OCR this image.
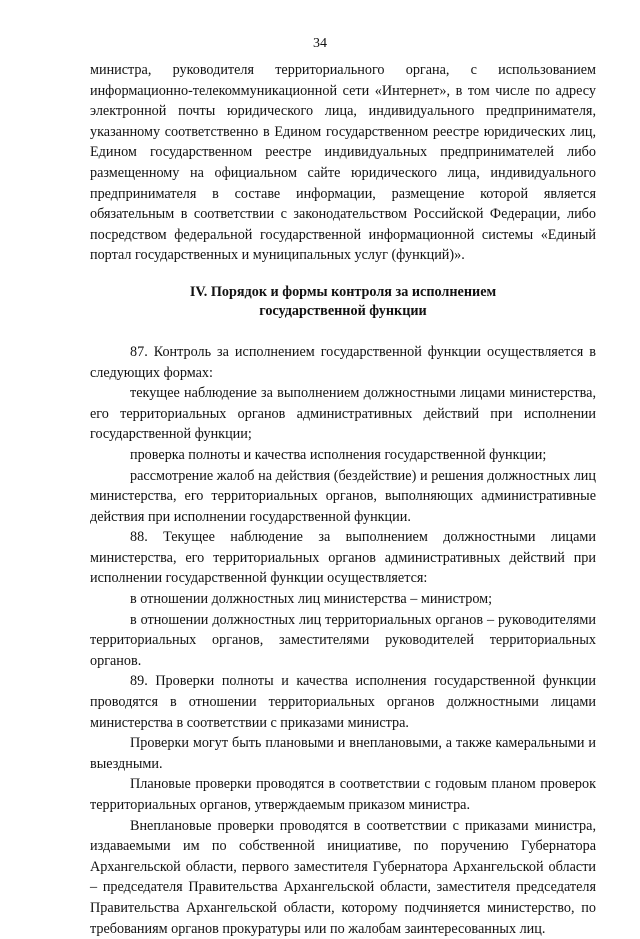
34

министра, руководителя территориального органа, с использованием информационно-телекоммуникационной сети «Интернет», в том числе по адресу электронной почты юридического лица, индивидуального предпринимателя, указанному соответственно в Едином государственном реестре юридических лиц, Едином государственном реестре индивидуальных предпринимателей либо размещенному на официальном сайте юридического лица, индивидуального предпринимателя в составе информации, размещение которой является обязательным в соответствии с законодательством Российской Федерации, либо посредством федеральной государственной информационной системы «Единый портал государственных и муниципальных услуг (функций)».

IV. Порядок и формы контроля за исполнением
государственной функции

87. Контроль за исполнением государственной функции осуществляется в следующих формах:

текущее наблюдение за выполнением должностными лицами министерства, его территориальных органов административных действий при исполнении государственной функции;

проверка полноты и качества исполнения государственной функции;

рассмотрение жалоб на действия (бездействие) и решения должностных лиц министерства, его территориальных органов, выполняющих административные действия при исполнении государственной функции.

88. Текущее наблюдение за выполнением должностными лицами министерства, его территориальных органов административных действий при исполнении государственной функции осуществляется:

в отношении должностных лиц министерства – министром;

в отношении должностных лиц территориальных органов – руководителями территориальных органов, заместителями руководителей территориальных органов.

89. Проверки полноты и качества исполнения государственной функции проводятся в отношении территориальных органов должностными лицами министерства в соответствии с приказами министра.

Проверки могут быть плановыми и внеплановыми, а также камеральными и выездными.

Плановые проверки проводятся в соответствии с годовым планом проверок территориальных органов, утверждаемым приказом министра.

Внеплановые проверки проводятся в соответствии с приказами министра, издаваемыми им по собственной инициативе, по поручению Губернатора Архангельской области, первого заместителя Губернатора Архангельской области – председателя Правительства Архангельской области, заместителя председателя Правительства Архангельской области, которому подчиняется министерство, по требованиям органов прокуратуры или по жалобам заинтересованных лиц.
